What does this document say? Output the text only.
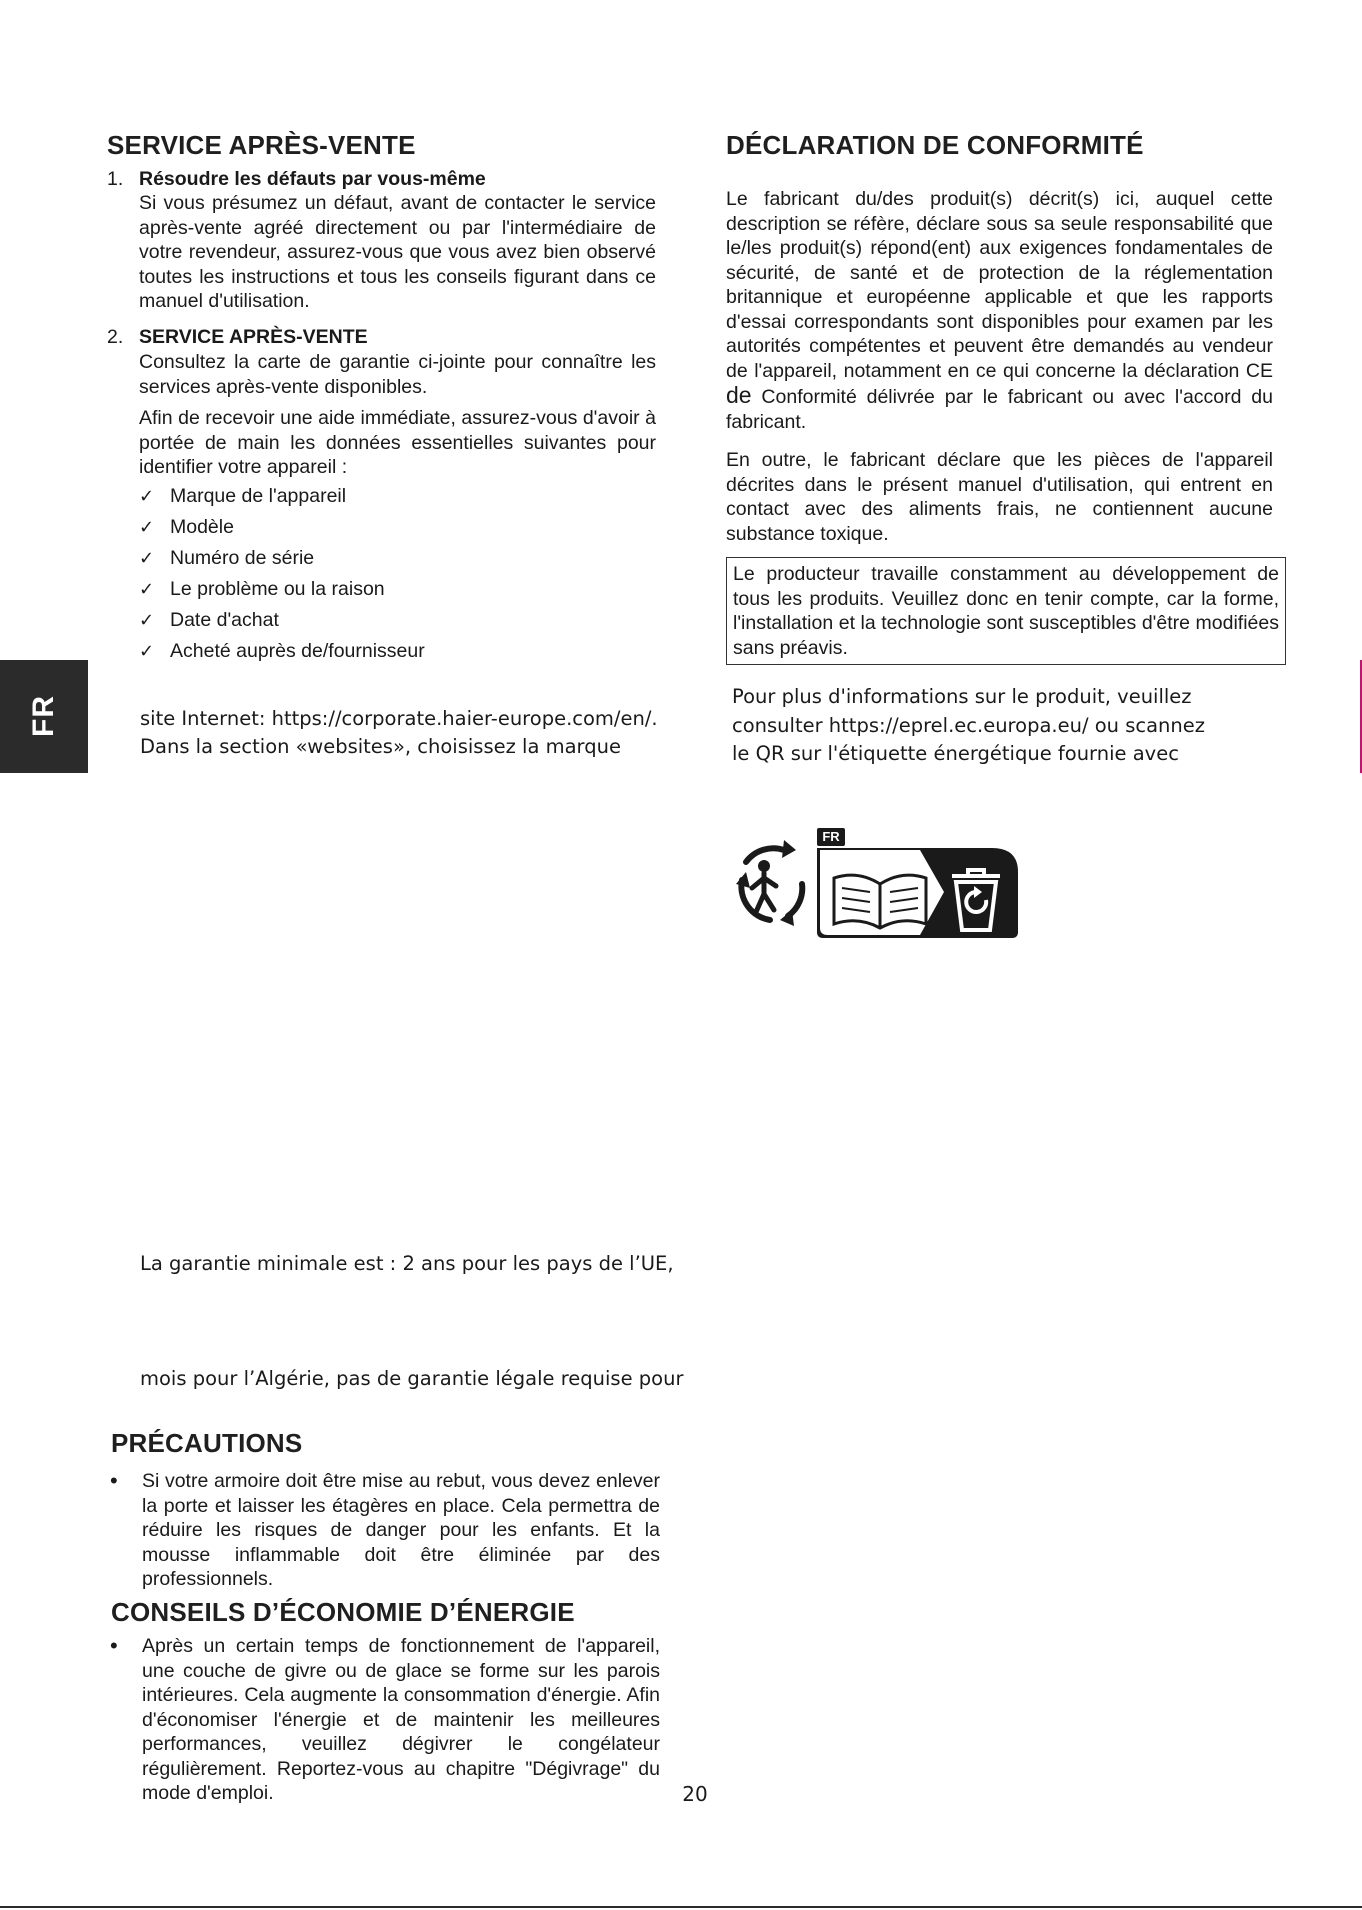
FR
SERVICE APRÈS-VENTE
1. Résoudre les défauts par vous-même
Si vous présumez un défaut, avant de contacter le service après-vente agréé directement ou par l'intermédiaire de votre revendeur, assurez-vous que vous avez bien observé toutes les instructions et tous les conseils figurant dans ce manuel d'utilisation.
2. SERVICE APRÈS-VENTE
Consultez la carte de garantie ci-jointe pour connaître les services après-vente disponibles.
Afin de recevoir une aide immédiate, assurez-vous d'avoir à portée de main les données essentielles suivantes pour identifier votre appareil :
✓ Marque de l'appareil
✓ Modèle
✓ Numéro de série
✓ Le problème ou la raison
✓ Date d'achat
✓ Acheté auprès de/fournisseur
site Internet: https://corporate.haier-europe.com/en/.
Dans la section «websites», choisissez la marque
La garantie minimale est : 2 ans pour les pays de l’UE,
mois pour l’Algérie, pas de garantie légale requise pour
PRÉCAUTIONS
• Si votre armoire doit être mise au rebut, vous devez enlever la porte et laisser les étagères en place. Cela permettra de réduire les risques de danger pour les enfants. Et la mousse inflammable doit être éliminée par des professionnels.
CONSEILS D’ÉCONOMIE D’ÉNERGIE
• Après un certain temps de fonctionnement de l'appareil, une couche de givre ou de glace se forme sur les parois intérieures. Cela augmente la consommation d'énergie. Afin d'économiser l'énergie et de maintenir les meilleures performances, veuillez dégivrer le congélateur régulièrement. Reportez-vous au chapitre "Dégivrage" du mode d'emploi.
DÉCLARATION DE CONFORMITÉ
Le fabricant du/des produit(s) décrit(s) ici, auquel cette description se réfère, déclare sous sa seule responsabilité que le/les produit(s) répond(ent) aux exigences fondamentales de sécurité, de santé et de protection de la réglementation britannique et européenne applicable et que les rapports d'essai correspondants sont disponibles pour examen par les autorités compétentes et peuvent être demandés au vendeur de l'appareil, notamment en ce qui concerne la déclaration CE de Conformité délivrée par le fabricant ou avec l'accord du fabricant.
En outre, le fabricant déclare que les pièces de l'appareil décrites dans le présent manuel d'utilisation, qui entrent en contact avec des aliments frais, ne contiennent aucune substance toxique.
Le producteur travaille constamment au développement de tous les produits. Veuillez donc en tenir compte, car la forme, l'installation et la technologie sont susceptibles d'être modifiées sans préavis.
Pour plus d'informations sur le produit, veuillez
consulter https://eprel.ec.europa.eu/ ou scannez
le QR sur l'étiquette énergétique fournie avec
FR
20
